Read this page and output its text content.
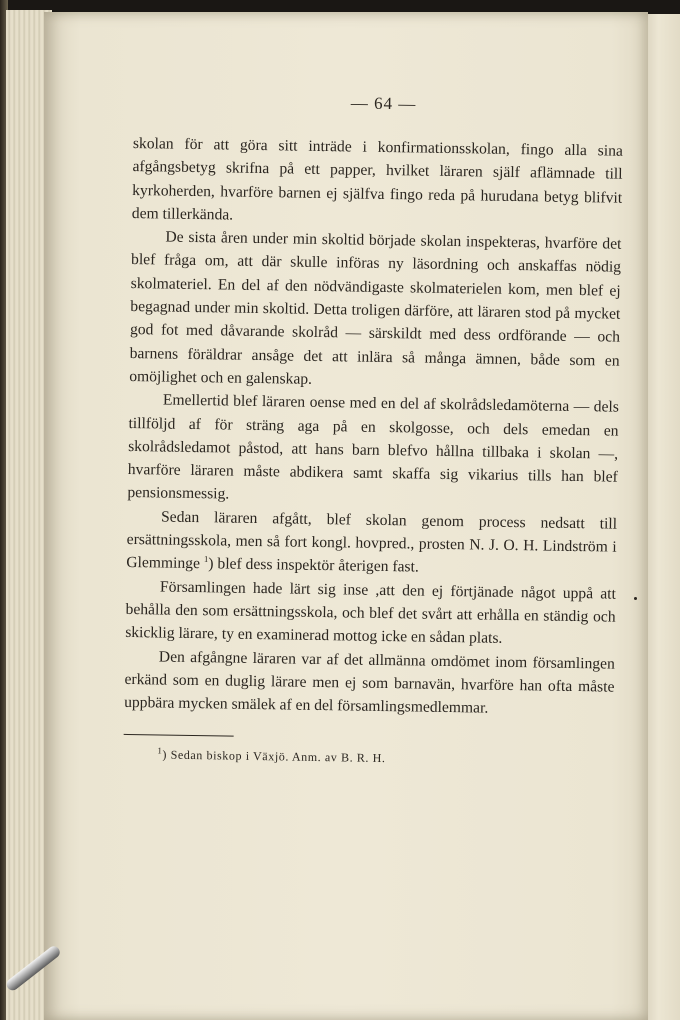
— 64 —

skolan för att göra sitt inträde i konfirmationsskolan, fingo alla sina afgångsbetyg skrifna på ett papper, hvilket läraren själf aflämnade till kyrkoherden, hvarföre barnen ej själfva fingo reda på hurudana betyg blifvit dem tillerkända.

De sista åren under min skoltid började skolan inspekteras, hvarföre det blef fråga om, att där skulle införas ny läsordning och anskaffas nödig skolmateriel. En del af den nödvändigaste skolmaterielen kom, men blef ej begagnad under min skoltid. Detta troligen därföre, att läraren stod på mycket god fot med dåvarande skolråd — särskildt med dess ordförande — och barnens föräldrar ansåge det att inlära så många ämnen, både som en omöjlighet och en galenskap.

Emellertid blef läraren oense med en del af skolrådsledamöterna — dels tillföljd af för sträng aga på en skolgosse, och dels emedan en skolrådsledamot påstod, att hans barn blefvo hållna tillbaka i skolan —, hvarföre läraren måste abdikera samt skaffa sig vikarius tills han blef pensionsmessig.

Sedan läraren afgått, blef skolan genom process nedsatt till ersättningsskola, men så fort kongl. hovpred., prosten N. J. O. H. Lindström i Glemminge $^1$) blef dess inspektör återigen fast.

Församlingen hade lärt sig inse ,att den ej förtjänade något uppå att behålla den som ersättningsskola, och blef det svårt att erhålla en ständig och skicklig lärare, ty en examinerad mottog icke en sådan plats.

Den afgångne läraren var af det allmänna omdömet inom församlingen erkänd som en duglig lärare men ej som barnavän, hvarföre han ofta måste uppbära mycken smälek af en del församlingsmedlemmar.

$^1$) Sedan biskop i Växjö. Anm. av B. R. H.
